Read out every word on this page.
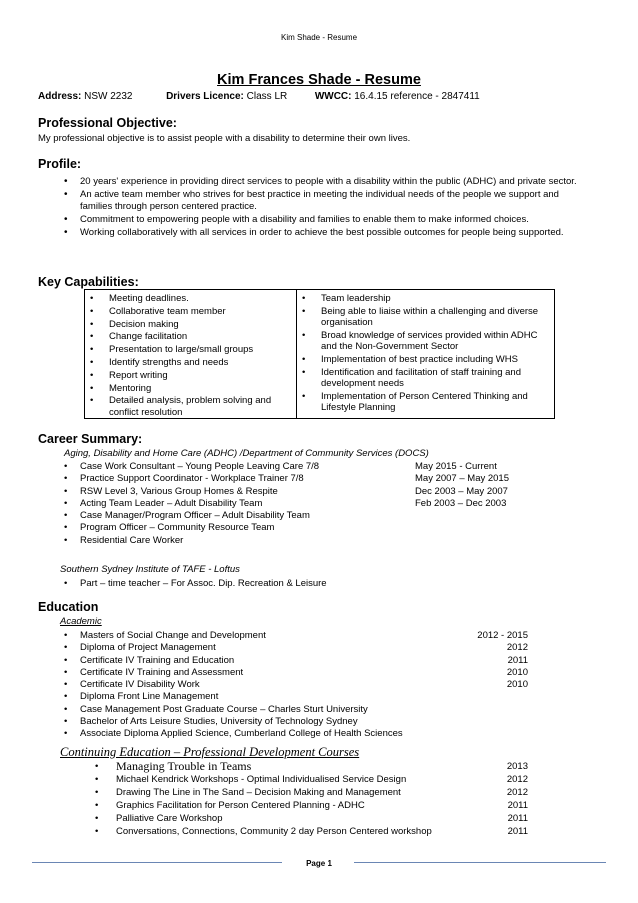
Kim Shade - Resume
Kim Frances Shade - Resume
Address: NSW 2232	Drivers Licence: Class LR	WWCC: 16.4.15 reference - 2847411
Professional Objective:
My professional objective is to assist people with a disability to determine their own lives.
Profile:
• 20 years' experience in providing direct services to people with a disability within the public (ADHC) and private sector.
• An active team member who strives for best practice in meeting the individual needs of the people we support and families through person centered practice.
• Commitment to empowering people with a disability and families to enable them to make informed choices.
• Working collaboratively with all services in order to achieve the best possible outcomes for people being supported.
Key Capabilities:
• Meeting deadlines.
• Collaborative team member
• Decision making
• Change facilitation
• Presentation to large/small groups
• Identify strengths and needs
• Report writing
• Mentoring
• Detailed analysis, problem solving and conflict resolution
• Team leadership
• Being able to liaise within a challenging and diverse organisation
• Broad knowledge of services provided within ADHC and the Non-Government Sector
• Implementation of best practice including WHS
• Identification and facilitation of staff training and development needs
• Implementation of Person Centered Thinking and Lifestyle Planning
Career Summary:
Aging, Disability and Home Care (ADHC) /Department of Community Services (DOCS)
• Case Work Consultant – Young People Leaving Care 7/8	May 2015 - Current
• Practice Support Coordinator - Workplace Trainer 7/8	May 2007 – May 2015
• RSW Level 3, Various Group Homes & Respite	Dec 2003 – May 2007
• Acting Team Leader – Adult Disability Team	Feb 2003 – Dec 2003
• Case Manager/Program Officer – Adult Disability Team
• Program Officer – Community Resource Team
• Residential Care Worker
Southern Sydney Institute of TAFE - Loftus
• Part – time teacher – For Assoc. Dip. Recreation & Leisure
Education
Academic
• Masters of Social Change and Development	2012 - 2015
• Diploma of Project Management	2012
• Certificate IV Training and Education	2011
• Certificate IV Training and Assessment	2010
• Certificate IV Disability Work	2010
• Diploma Front Line Management
• Case Management Post Graduate Course – Charles Sturt University
• Bachelor of Arts Leisure Studies, University of Technology Sydney
• Associate Diploma Applied Science, Cumberland College of Health Sciences
Continuing Education – Professional Development Courses
• Managing Trouble in Teams	2013
• Michael Kendrick Workshops - Optimal Individualised Service Design	2012
• Drawing The Line in The Sand – Decision Making and Management	2012
• Graphics Facilitation for Person Centered Planning - ADHC	2011
• Palliative Care Workshop	2011
• Conversations, Connections, Community 2 day Person Centered workshop	2011
Page 1
